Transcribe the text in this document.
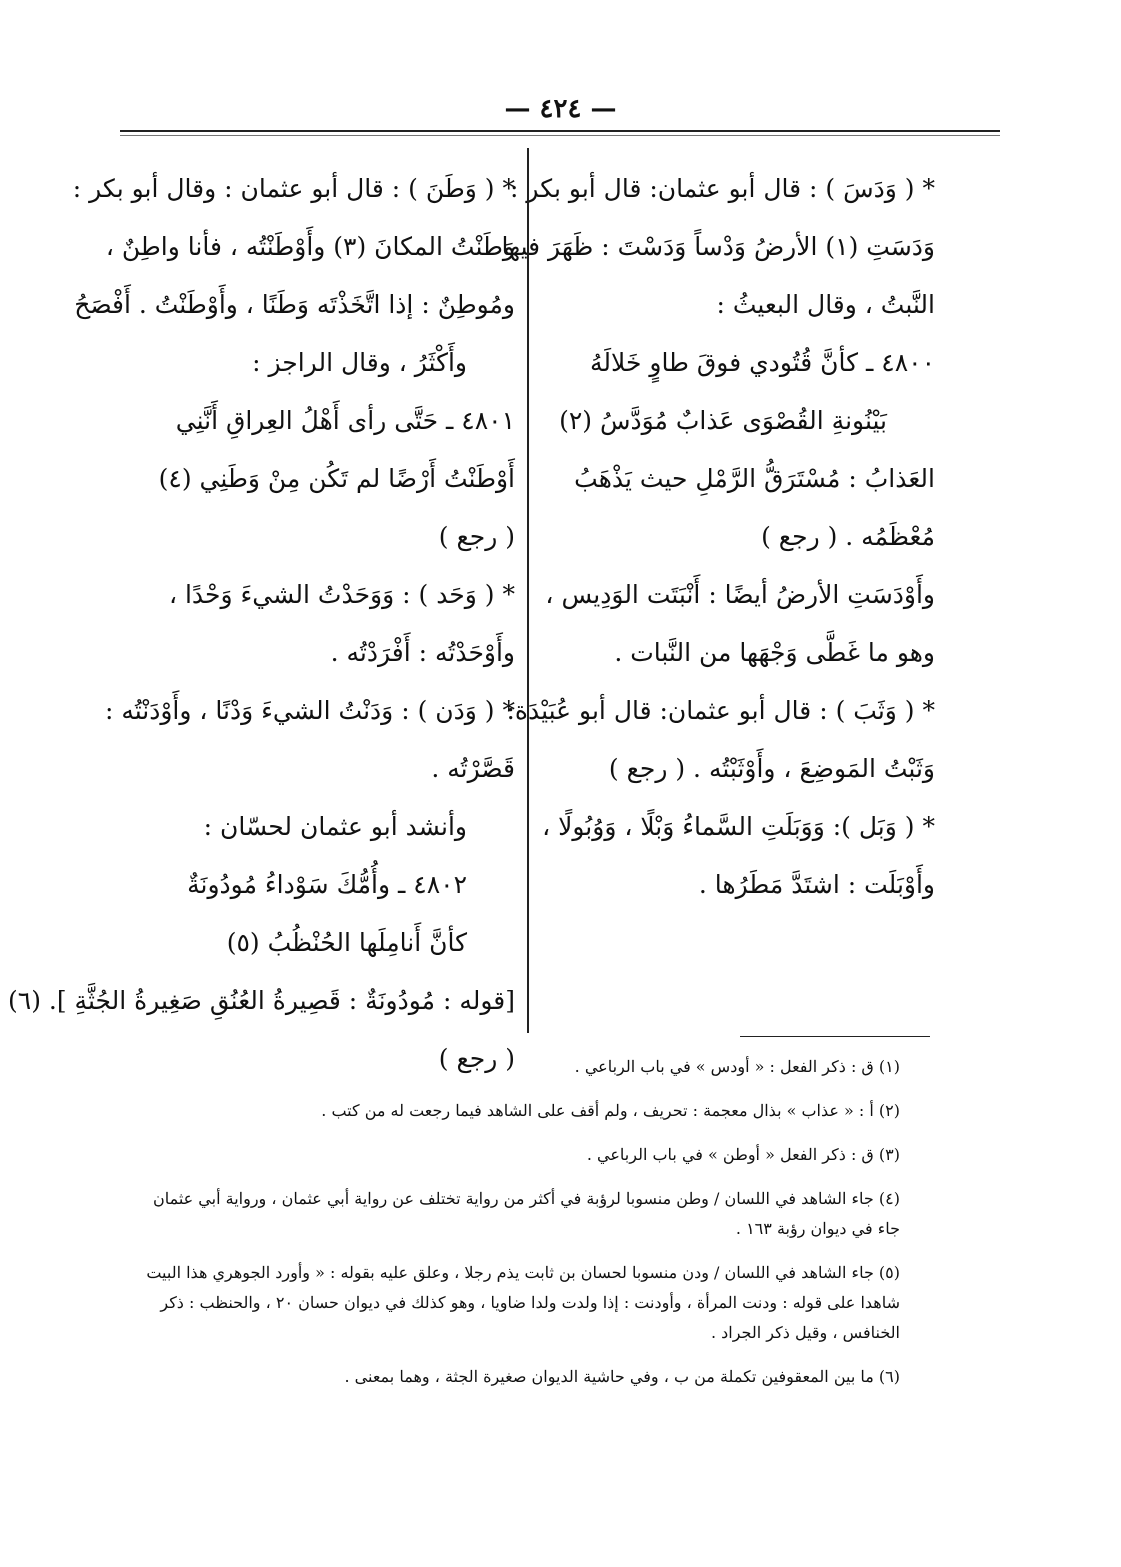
— ٤٢٤ —
* ( وَدَسَ ) : قال أبو عثمان: قال أبو بكر :
وَدَسَتِ (١) الأرضُ وَدْساً وَدَسْتَ : ظَهَرَ فيها
النَّبتُ ، وقال البعيثُ :
٤٨٠٠ ـ كأنَّ قُتُودي فوقَ طاوٍ خَلالَهُ
بَيْنُونةِ القُصْوَى عَذابٌ مُوَدَّسُ (٢)
العَذابُ : مُسْتَرَقُّ الرَّمْلِ حيث يَذْهَبُ
مُعْظَمُه . ( رجع )
وأَوْدَسَتِ الأرضُ أيضًا : أَنْبَتَت الوَدِيس ،
وهو ما غَطَّى وَجْهَها من النَّبات .
* ( وَثَبَ ) : قال أبو عثمان: قال أبو عُبَيْدَة:
وَثَبْتُ المَوضِعَ ، وأَوْثَبْتُه . ( رجع )
* ( وَبَل ): وَوَبَلَتِ السَّماءُ وَبْلًا ، وَوُبُولًا ،
وأَوْبَلَت : اشتَدَّ مَطَرُها .
* ( وَطَنَ ) : قال أبو عثمان : وقال أبو بكر :
وَطَنْتُ المكانَ (٣) وأَوْطَنْتُه ، فأنا واطِنٌ ،
ومُوطِنٌ : إذا اتَّخَذْتَه وَطَنًا ، وأَوْطَنْتُ . أَفْصَحُ
وأَكْثَرُ ، وقال الراجز :
٤٨٠١ ـ حَتَّى رأى أَهْلُ العِراقِ أَنَّنِي
أَوْطَنْتُ أَرْضًا لم تَكُن مِنْ وَطَنِي (٤)
( رجع )
* ( وَحَد ) : وَوَحَدْتُ الشيءَ وَحْدًا ،
وأَوْحَدْتُه : أَفْرَدْتُه .
* ( وَدَن ) : وَدَنْتُ الشيءَ وَدْنًا ، وأَوْدَنْتُه :
قَصَّرْتُه .
وأنشد أبو عثمان لحسّان :
٤٨٠٢ ـ وأُمُّكَ سَوْداءُ مُودُونَةٌ
كأنَّ أَنامِلَها الحُنْظُبُ (٥)
[قوله : مُودُونَةٌ : قَصِيرةُ العُنُقِ صَغِيرةُ الجُثَّةِ ]. (٦)
( رجع )	(١) ق : ذكر الفعل : « أودس » في باب الرباعي .
(٢) أ : « عذاب » بذال معجمة : تحريف ، ولم أقف على الشاهد فيما رجعت له من كتب .
(٣) ق : ذكر الفعل « أوطن » في باب الرباعي .
(٤) جاء الشاهد في اللسان / وطن منسوبا لرؤبة في أكثر من رواية تختلف عن رواية أبي عثمان ، ورواية أبي عثمان جاء في ديوان رؤبة ١٦٣ .
(٥) جاء الشاهد في اللسان / ودن منسوبا لحسان بن ثابت يذم رجلا ، وعلق عليه بقوله : « وأورد الجوهري هذا البيت شاهدا على قوله : ودنت المرأة ، وأودنت : إذا ولدت ولدا ضاويا ، وهو كذلك في ديوان حسان ٢٠ ، والحنظب : ذكر الخنافس ، وقيل ذكر الجراد .
(٦) ما بين المعقوفين تكملة من ب ، وفي حاشية الديوان صغيرة الجثة ، وهما بمعنى .
